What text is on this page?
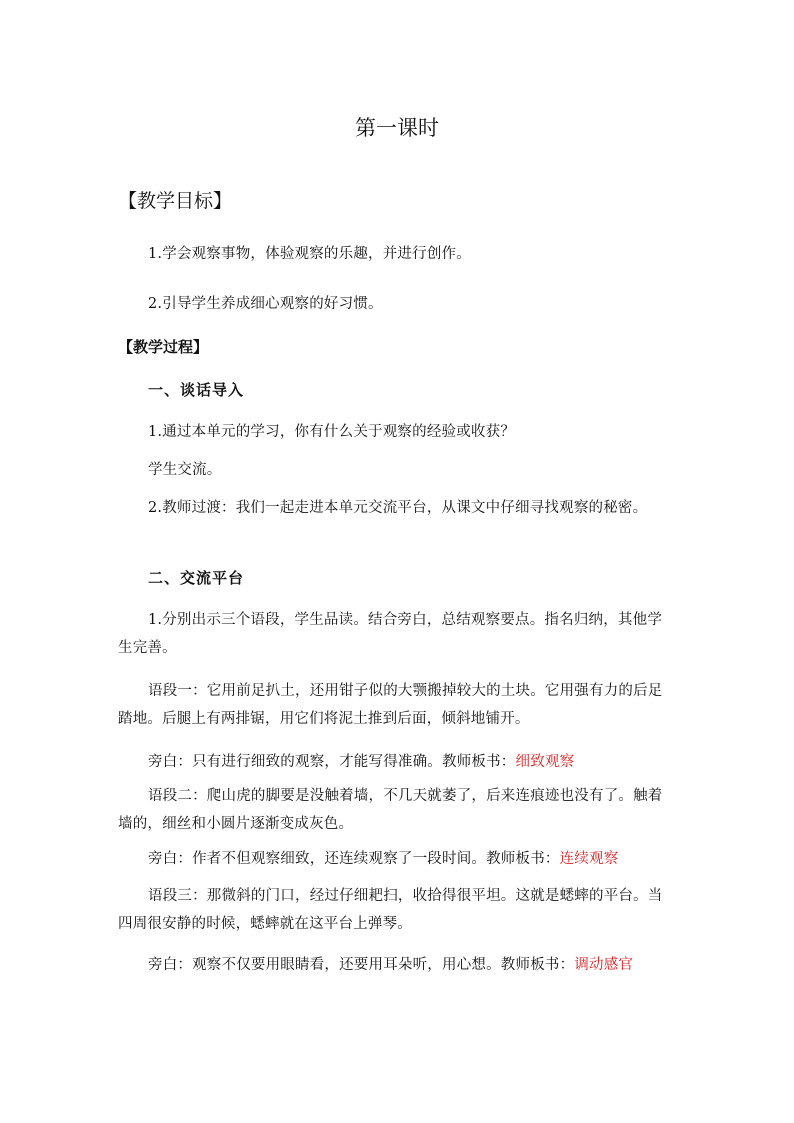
第一课时
【教学目标】

1.学会观察事物，体验观察的乐趣，并进行创作。

2.引导学生养成细心观察的好习惯。

【教学过程】
一、谈话导入

1.通过本单元的学习，你有什么关于观察的经验或收获？

学生交流。

2.教师过渡：我们一起走进本单元交流平台，从课文中仔细寻找观察的秘密。

二、交流平台

1.分别出示三个语段，学生品读。结合旁白，总结观察要点。指名归纳，其他学生完善。

语段一：它用前足扒土，还用钳子似的大颚搬掉较大的土块。它用强有力的后足踏地。后腿上有两排锯，用它们将泥土推到后面，倾斜地铺开。

旁白：只有进行细致的观察，才能写得准确。教师板书：细致观察

语段二：爬山虎的脚要是没触着墙，不几天就萎了，后来连痕迹也没有了。触着墙的，细丝和小圆片逐渐变成灰色。

旁白：作者不但观察细致，还连续观察了一段时间。教师板书：连续观察

语段三：那微斜的门口，经过仔细耙扫，收拾得很平坦。这就是蟋蟀的平台。当四周很安静的时候，蟋蟀就在这平台上弹琴。

旁白：观察不仅要用眼睛看，还要用耳朵听，用心想。教师板书：调动感官
